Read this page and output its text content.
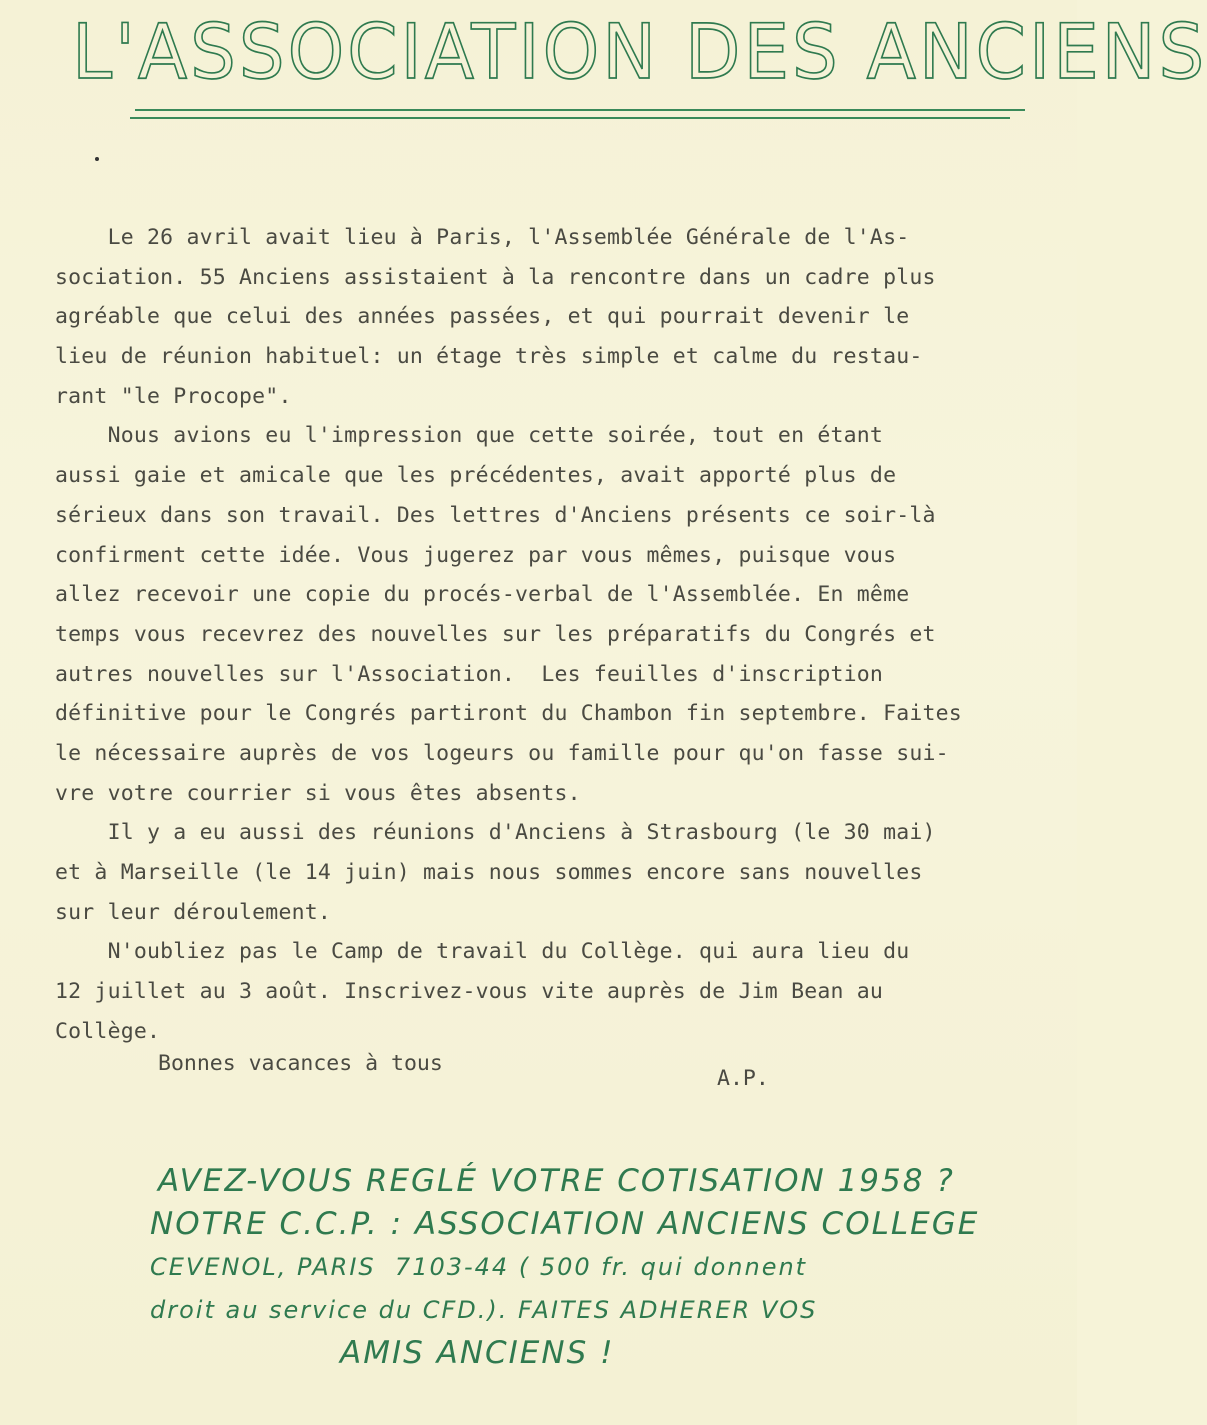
L'ASSOCIATION DES ANCIENS
Le 26 avril avait lieu à Paris, l'Assemblée Générale de l'As-
sociation. 55 Anciens assistaient à la rencontre dans un cadre plus
agréable que celui des années passées, et qui pourrait devenir le
lieu de réunion habituel: un étage très simple et calme du restau-
rant "le Procope".
Nous avions eu l'impression que cette soirée, tout en étant
aussi gaie et amicale que les précédentes, avait apporté plus de
sérieux dans son travail. Des lettres d'Anciens présents ce soir-là
confirment cette idée. Vous jugerez par vous mêmes, puisque vous
allez recevoir une copie du procés-verbal de l'Assemblée. En même
temps vous recevrez des nouvelles sur les préparatifs du Congrés et
autres nouvelles sur l'Association.  Les feuilles d'inscription
définitive pour le Congrés partiront du Chambon fin septembre. Faites
le nécessaire auprès de vos logeurs ou famille pour qu'on fasse sui-
vre votre courrier si vous êtes absents.
Il y a eu aussi des réunions d'Anciens à Strasbourg (le 30 mai)
et à Marseille (le 14 juin) mais nous sommes encore sans nouvelles
sur leur déroulement.
N'oubliez pas le Camp de travail du Collège. qui aura lieu du
12 juillet au 3 août. Inscrivez-vous vite auprès de Jim Bean au
Collège.
Bonnes vacances à tous
A.P.
AVEZ-VOUS REGLÉ VOTRE COTISATION 1958 ?
NOTRE C.C.P. : ASSOCIATION ANCIENS COLLEGE
CEVENOL, PARIS  7103-44 ( 500 fr. qui donnent
droit au service du CFD.). FAITES ADHERER VOS
AMIS ANCIENS !
